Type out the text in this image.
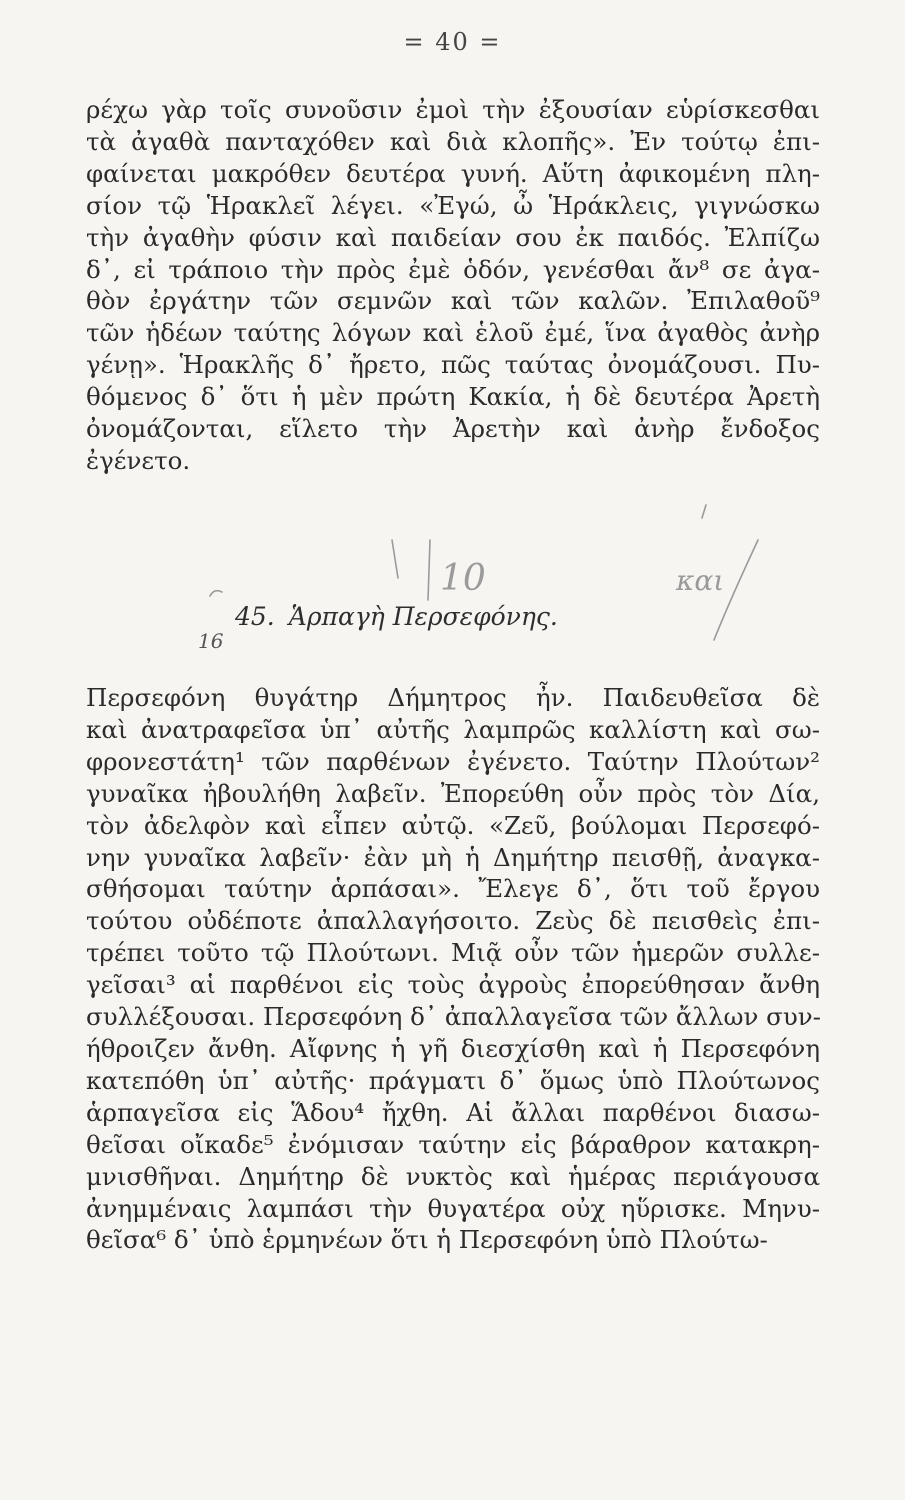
= 40 =
ρέχω γὰρ τοῖς συνοῦσιν ἐμοὶ τὴν ἐξουσίαν εὑρίσκεσθαι
τὰ ἀγαθὰ πανταχόθεν καὶ διὰ κλοπῆς». Ἐν τούτῳ ἐπι-
φαίνεται μακρόθεν δευτέρα γυνή. Αὕτη ἀφικομένη πλη-
σίον τῷ Ἡρακλεῖ λέγει. «Ἐγώ, ὦ Ἡράκλεις, γιγνώσκω
τὴν ἀγαθὴν φύσιν καὶ παιδείαν σου ἐκ παιδός. Ἐλπίζω
δ᾽, εἰ τράποιο τὴν πρὸς ἐμὲ ὁδόν, γενέσθαι ἄν⁸ σε ἀγα-
θὸν ἐργάτην τῶν σεμνῶν καὶ τῶν καλῶν. Ἐπιλαθοῦ⁹
τῶν ἡδέων ταύτης λόγων καὶ ἑλοῦ ἐμέ, ἵνα ἀγαθὸς ἀνὴρ
γένῃ». Ἡρακλῆς δ᾽ ἤρετο, πῶς ταύτας ὀνομάζουσι. Πυ-
θόμενος δ᾽ ὅτι ἡ μὲν πρώτη Κακία, ἡ δὲ δευτέρα Ἀρετὴ
ὀνομάζονται, εἵλετο τὴν Ἀρετὴν καὶ ἀνὴρ ἔνδοξος
ἐγένετο.
45. Ἁρπαγὴ Περσεφόνης.
Περσεφόνη θυγάτηρ Δήμητρος ἦν. Παιδευθεῖσα δὲ
καὶ ἀνατραφεῖσα ὑπ᾽ αὐτῆς λαμπρῶς καλλίστη καὶ σω-
φρονεστάτη¹ τῶν παρθένων ἐγένετο. Ταύτην Πλούτων²
γυναῖκα ἠβουλήθη λαβεῖν. Ἐπορεύθη οὖν πρὸς τὸν Δία,
τὸν ἀδελφὸν καὶ εἶπεν αὐτῷ. «Ζεῦ, βούλομαι Περσεφό-
νην γυναῖκα λαβεῖν· ἐὰν μὴ ἡ Δημήτηρ πεισθῇ, ἀναγκα-
σθήσομαι ταύτην ἁρπάσαι». Ἔλεγε δ᾽, ὅτι τοῦ ἔργου
τούτου οὐδέποτε ἀπαλλαγήσοιτο. Ζεὺς δὲ πεισθεὶς ἐπι-
τρέπει τοῦτο τῷ Πλούτωνι. Μιᾷ οὖν τῶν ἡμερῶν συλλε-
γεῖσαι³ αἱ παρθένοι εἰς τοὺς ἀγροὺς ἐπορεύθησαν ἄνθη
συλλέξουσαι. Περσεφόνη δ᾽ ἀπαλλαγεῖσα τῶν ἄλλων συν-
ήθροιζεν ἄνθη. Αἴφνης ἡ γῆ διεσχίσθη καὶ ἡ Περσεφόνη
κατεπόθη ὑπ᾽ αὐτῆς· πράγματι δ᾽ ὅμως ὑπὸ Πλούτωνος
ἁρπαγεῖσα εἰς Ἅδου⁴ ἤχθη. Αἱ ἄλλαι παρθένοι διασω-
θεῖσαι οἴκαδε⁵ ἐνόμισαν ταύτην εἰς βάραθρον κατακρη-
μνισθῆναι. Δημήτηρ δὲ νυκτὸς καὶ ἡμέρας περιάγουσα
ἀνημμέναις λαμπάσι τὴν θυγατέρα οὐχ ηὕρισκε. Μηνυ-
θεῖσα⁶ δ᾽ ὑπὸ ἑρμηνέων ὅτι ἡ Περσεφόνη ὑπὸ Πλούτω-
10	και
16
